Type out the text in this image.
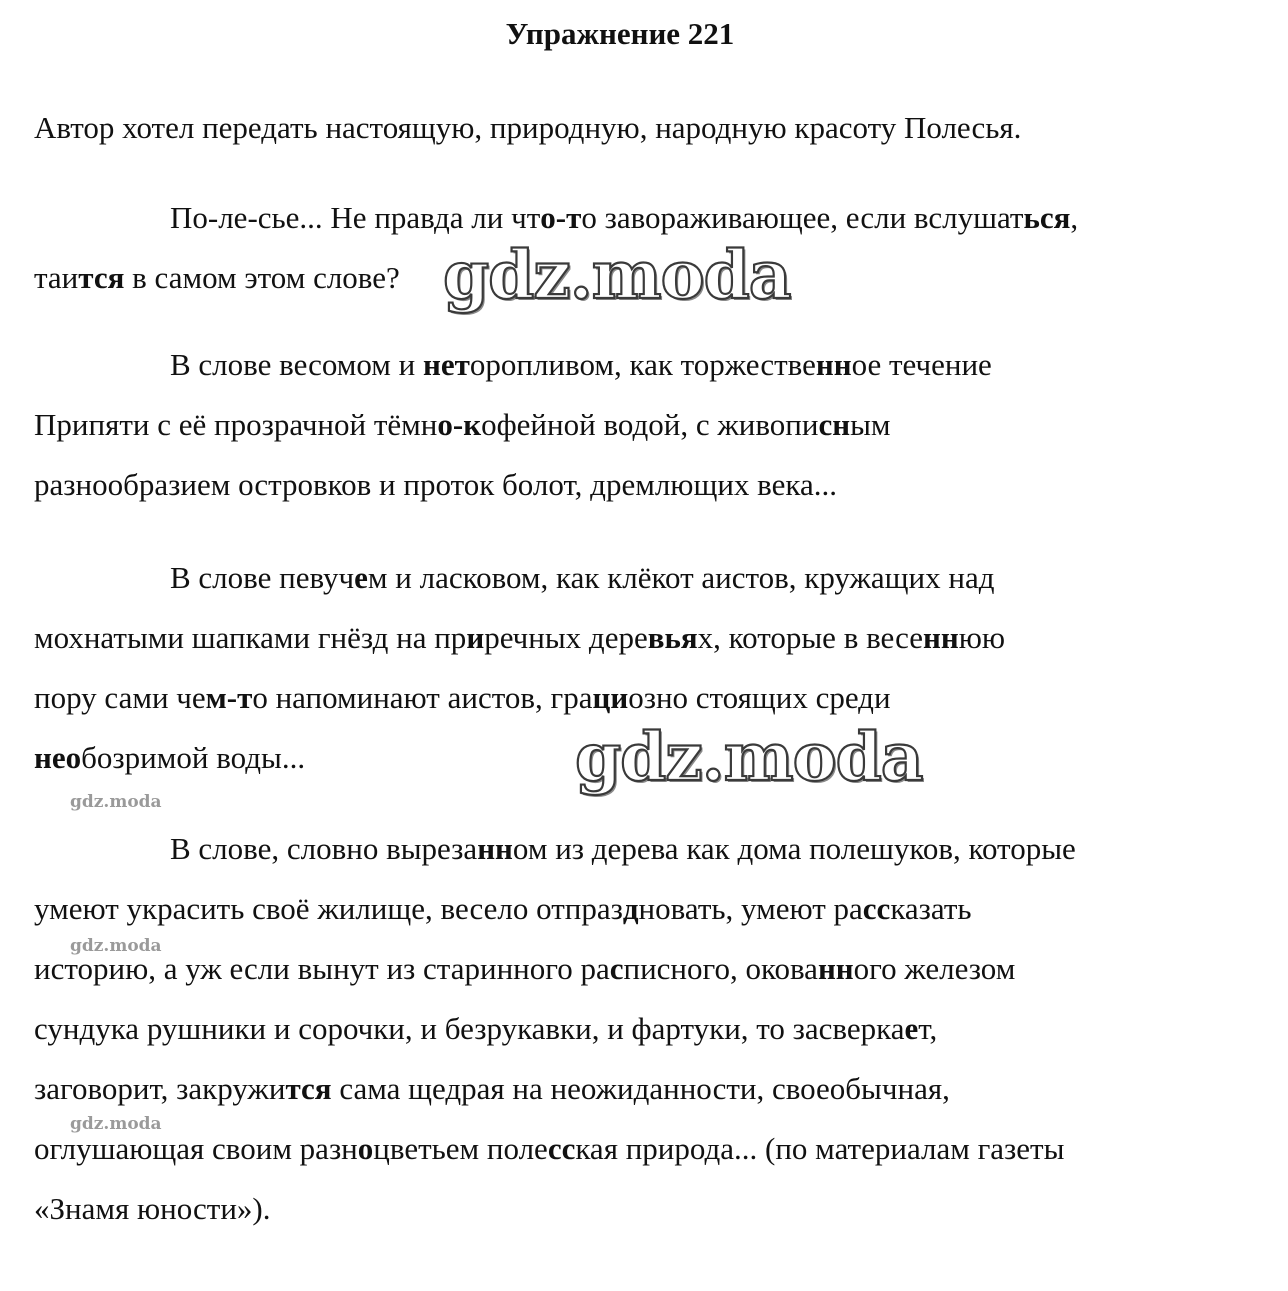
Упражнение 221

Автор хотел передать настоящую, природную, народную красоту Полесья.

По-ле-сье... Не правда ли что-то завораживающее, если вслушаться,
таится в самом этом слове?

В слове весомом и неторопливом, как торжественное течение
Припяти с её прозрачной тёмно-кофейной водой, с живописным
разнообразием островков и проток болот, дремлющих века...

В слове певучем и ласковом, как клёкот аистов, кружащих над
мохнатыми шапками гнёзд на приречных деревьях, которые в весеннюю
пору сами чем-то напоминают аистов, грациозно стоящих среди
необозримой воды...

В слове, словно вырезанном из дерева как дома полешуков, которые
умеют украсить своё жилище, весело отпраздновать, умеют рассказать
историю, а уж если вынут из старинного расписного, окованного железом
сундука рушники и сорочки, и безрукавки, и фартуки, то засверкает,
заговорит, закружится сама щедрая на неожиданности, своеобычная,
оглушающая своим разноцветьем полесская природа... (по материалам газеты
«Знамя юности»).

gdz.moda
gdz.moda
gdz.moda
gdz.moda
gdz.moda
